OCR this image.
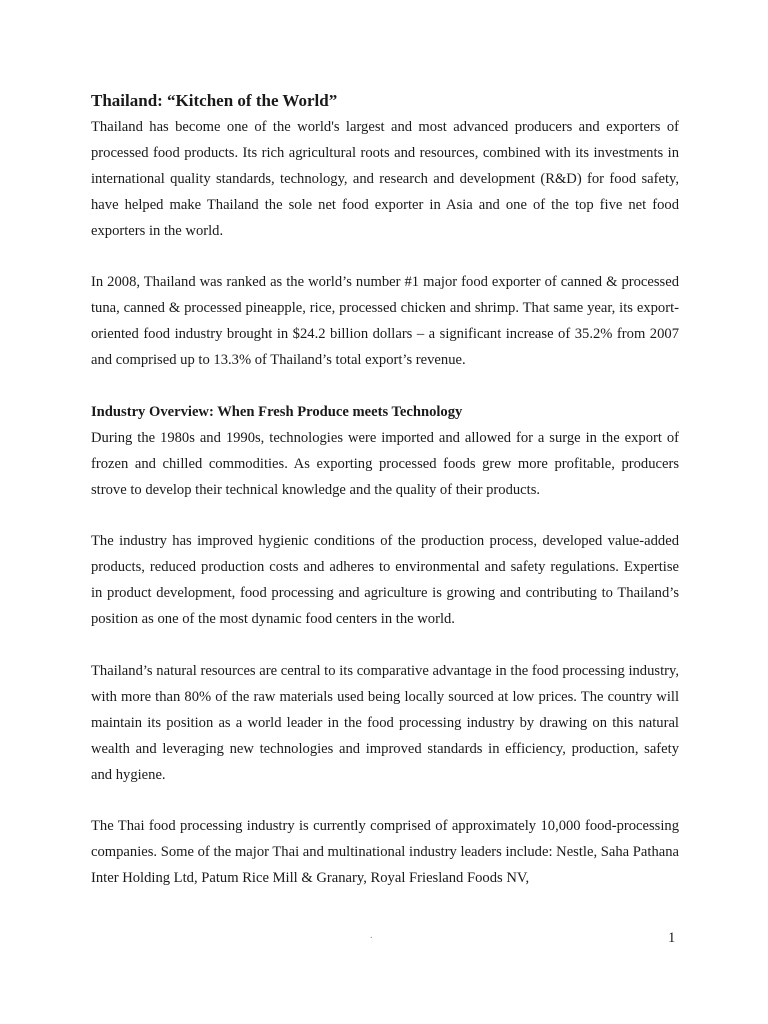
Thailand: “Kitchen of the World”

Thailand has become one of the world's largest and most advanced producers and exporters of processed food products. Its rich agricultural roots and resources, combined with its investments in international quality standards, technology, and research and development (R&D) for food safety, have helped make Thailand the sole net food exporter in Asia and one of the top five net food exporters in the world.

In 2008, Thailand was ranked as the world’s number #1 major food exporter of canned & processed tuna, canned & processed pineapple, rice, processed chicken and shrimp. That same year, its export-oriented food industry brought in $24.2 billion dollars – a significant increase of 35.2% from 2007 and comprised up to 13.3% of Thailand’s total export’s revenue.

Industry Overview: When Fresh Produce meets Technology

During the 1980s and 1990s, technologies were imported and allowed for a surge in the export of frozen and chilled commodities. As exporting processed foods grew more profitable, producers strove to develop their technical knowledge and the quality of their products.

The industry has improved hygienic conditions of the production process, developed value-added products, reduced production costs and adheres to environmental and safety regulations. Expertise in product development, food processing and agriculture is growing and contributing to Thailand’s position as one of the most dynamic food centers in the world.

Thailand’s natural resources are central to its comparative advantage in the food processing industry, with more than 80% of the raw materials used being locally sourced at low prices. The country will maintain its position as a world leader in the food processing industry by drawing on this natural wealth and leveraging new technologies and improved standards in efficiency, production, safety and hygiene.

The Thai food processing industry is currently comprised of approximately 10,000 food-processing companies. Some of the major Thai and multinational industry leaders include: Nestle, Saha Pathana Inter Holding Ltd, Patum Rice Mill & Granary, Royal Friesland Foods NV,

.	1
